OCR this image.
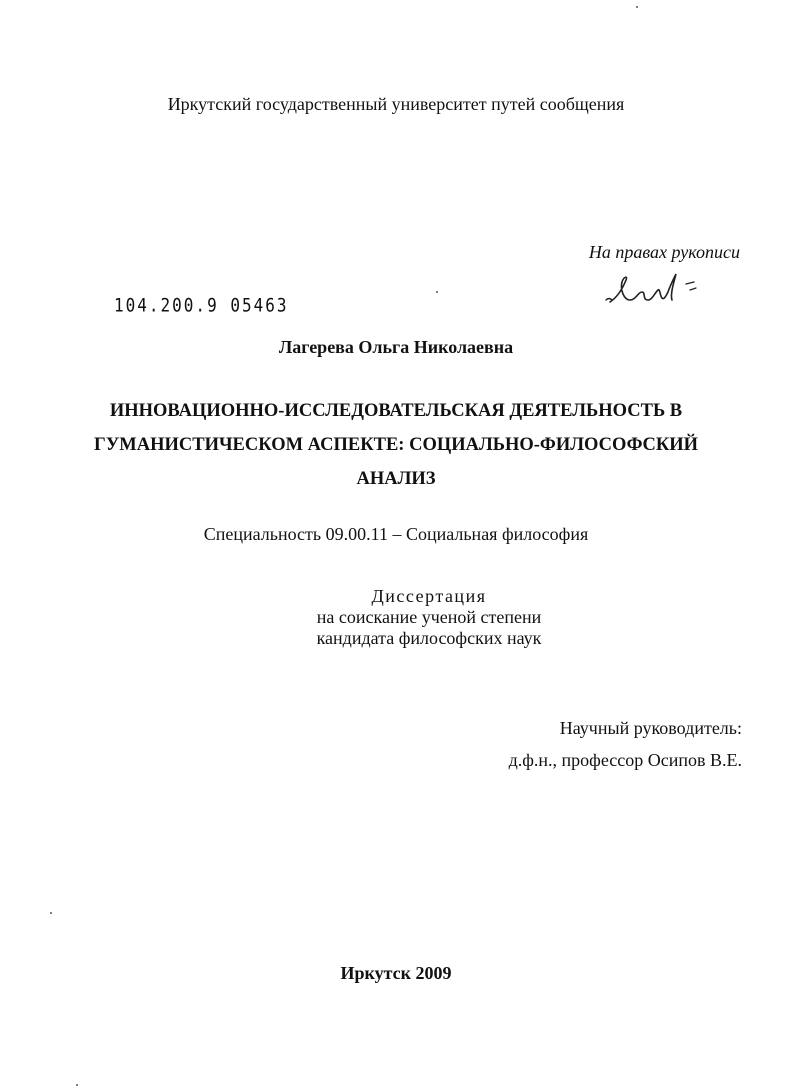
Иркутский государственный университет путей сообщения
На правах рукописи
104.200.9 05463
Лагерева Ольга Николаевна
ИННОВАЦИОННО-ИССЛЕДОВАТЕЛЬСКАЯ ДЕЯТЕЛЬНОСТЬ В
ГУМАНИСТИЧЕСКОМ АСПЕКТЕ: СОЦИАЛЬНО-ФИЛОСОФСКИЙ
АНАЛИЗ
Специальность 09.00.11 – Социальная философия
Диссертация
на соискание ученой степени
кандидата философских наук
Научный руководитель:
д.ф.н., профессор Осипов В.Е.
Иркутск 2009
